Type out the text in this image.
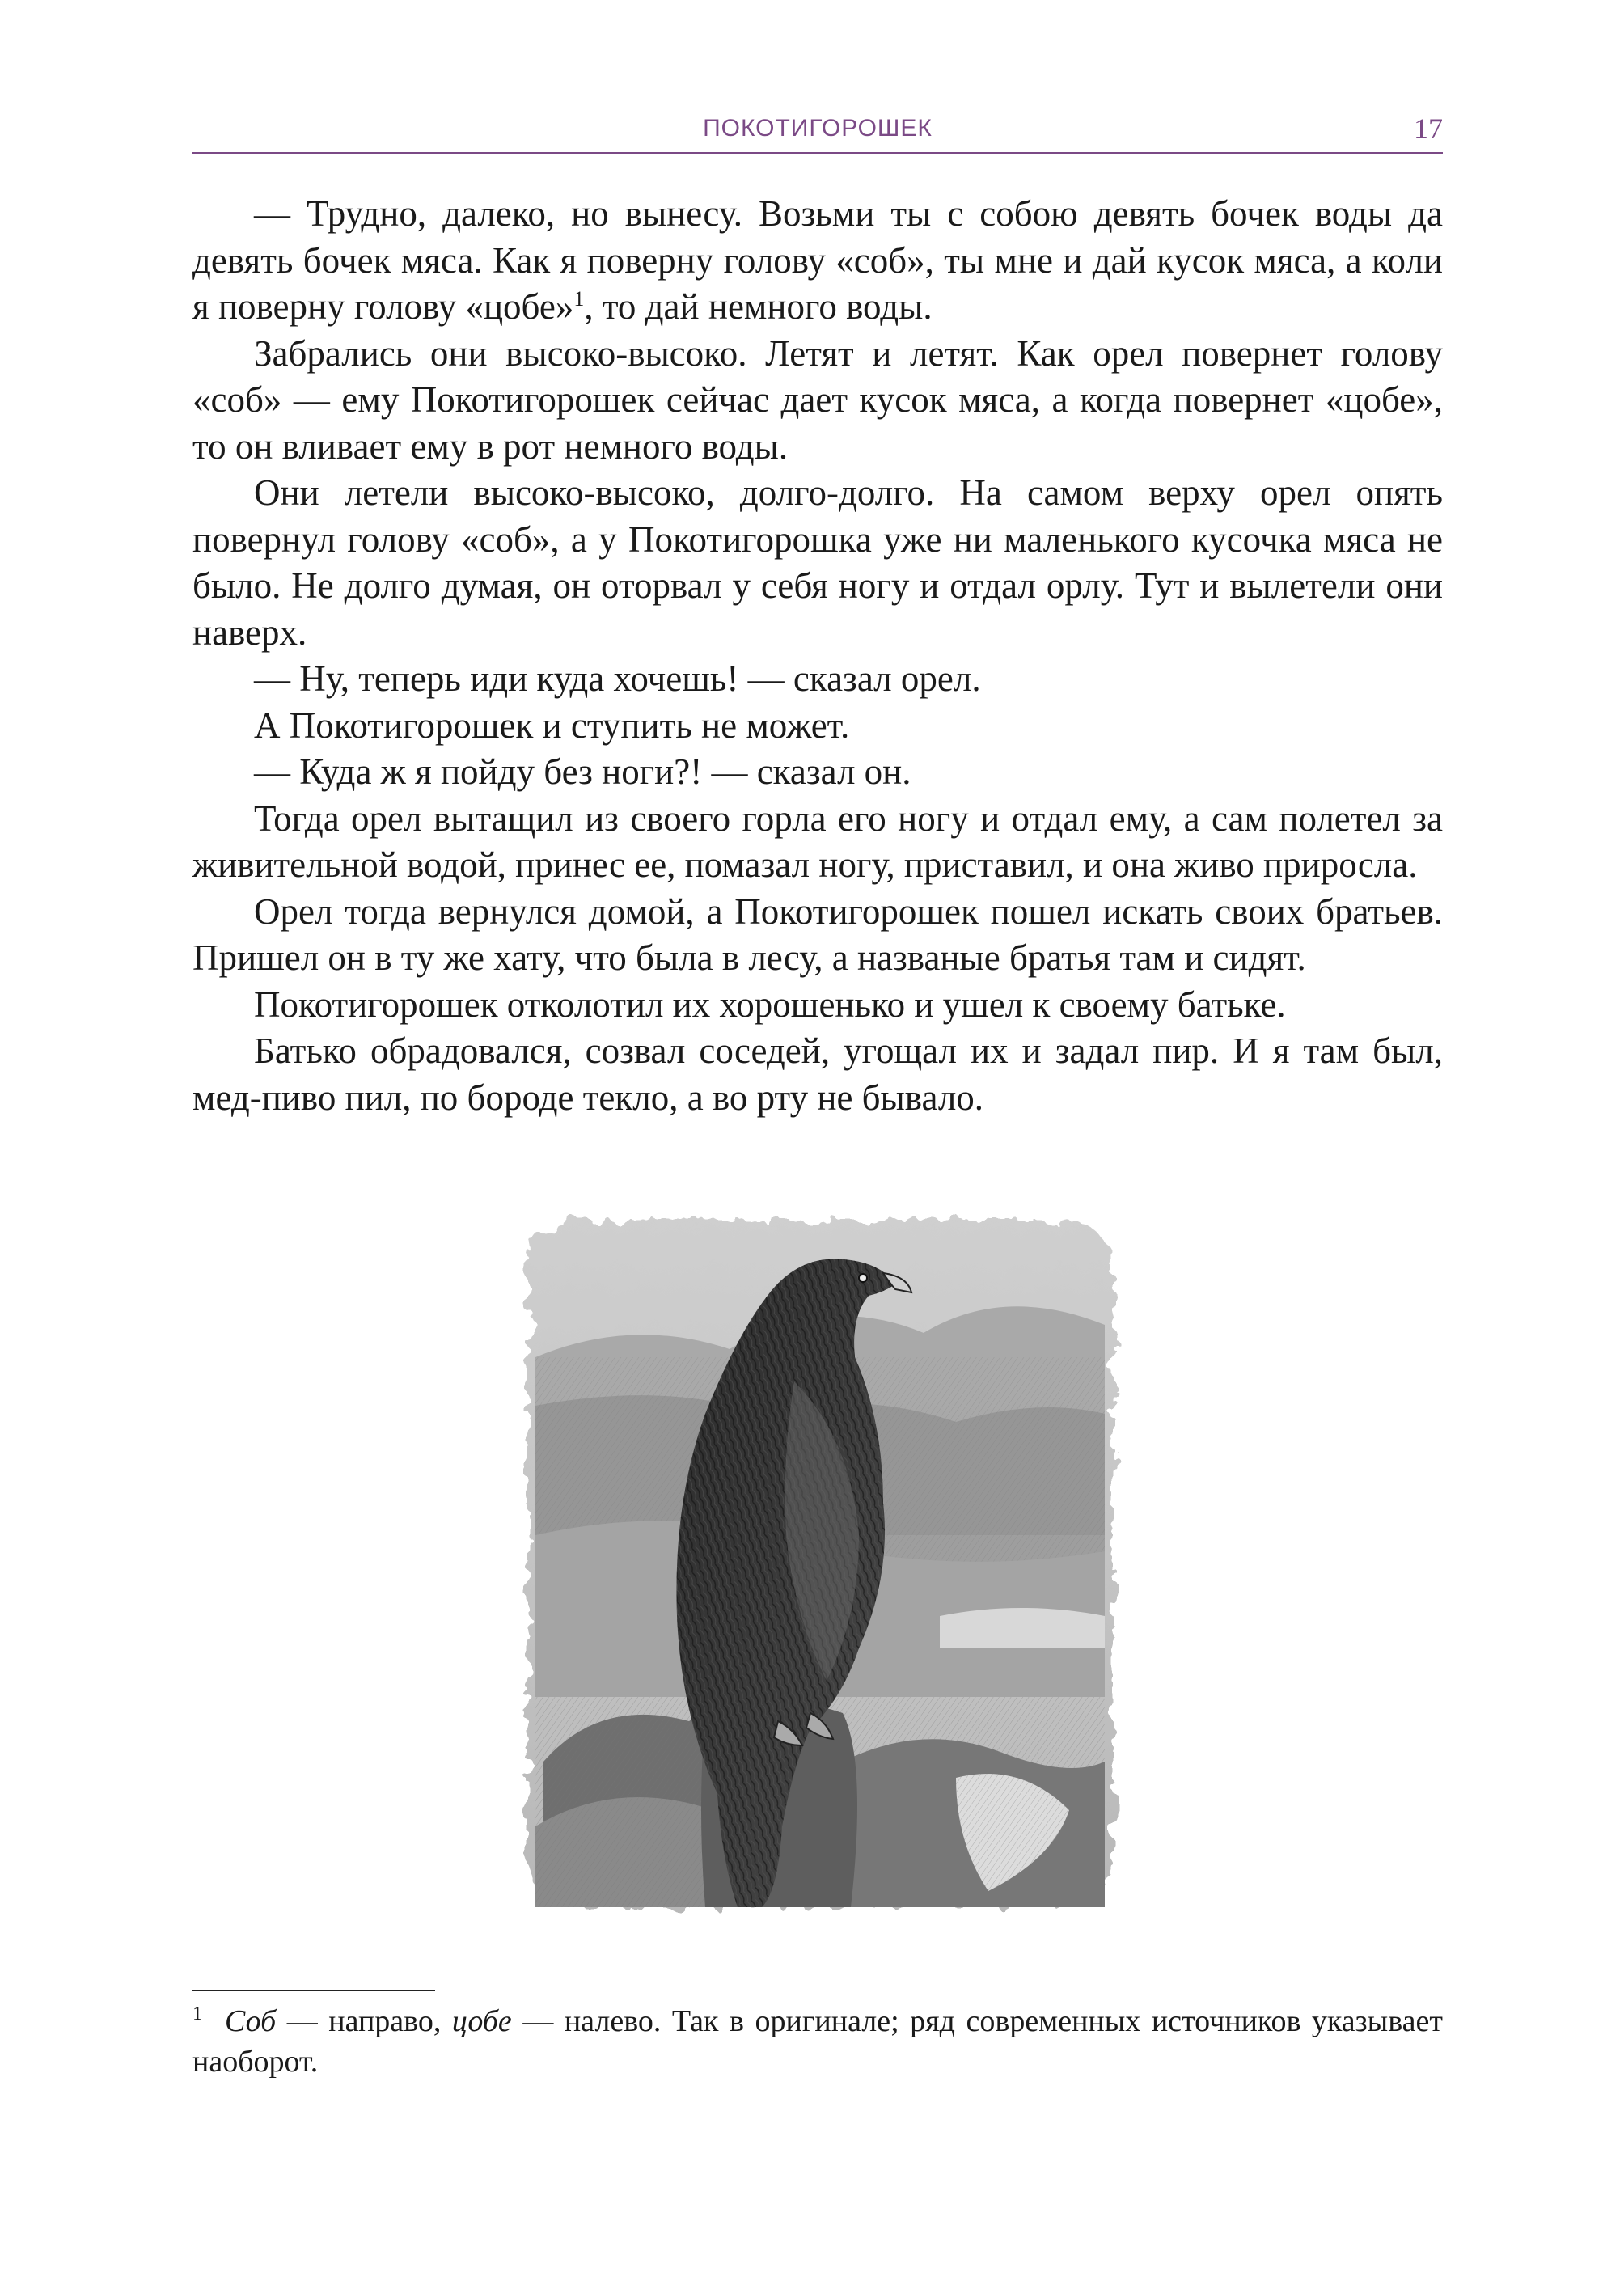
ПОКОТИГОРОШЕК	17

— Трудно, далеко, но вынесу. Возьми ты с собою девять бочек воды да девять бочек мяса. Как я поверну голову «соб», ты мне и дай кусок мяса, а коли я поверну голову «цобе»$^1$, то дай немного воды.

Забрались они высоко-высоко. Летят и летят. Как орел повернет голову «соб» — ему Покотигорошек сейчас дает кусок мяса, а когда повернет «цобе», то он вливает ему в рот немного воды.

Они летели высоко-высоко, долго-долго. На самом верху орел опять повернул голову «соб», а у Покотигорошка уже ни маленького кусочка мяса не было. Не долго думая, он оторвал у себя ногу и отдал орлу. Тут и вылетели они наверх.

— Ну, теперь иди куда хочешь! — сказал орел.

А Покотигорошек и ступить не может.

— Куда ж я пойду без ноги?! — сказал он.

Тогда орел вытащил из своего горла его ногу и отдал ему, а сам полетел за живительной водой, принес ее, помазал ногу, приставил, и она живо приросла.

Орел тогда вернулся домой, а Покотигорошек пошел искать своих братьев. Пришел он в ту же хату, что была в лесу, а названые братья там и сидят.

Покотигорошек отколотил их хорошенько и ушел к своему батьке.

Батько обрадовался, созвал соседей, угощал их и задал пир. И я там был, мед-пиво пил, по бороде текло, а во рту не бывало.

$^1$ Соб — направо, цобе — налево. Так в оригинале; ряд современных источников указывает наоборот.
